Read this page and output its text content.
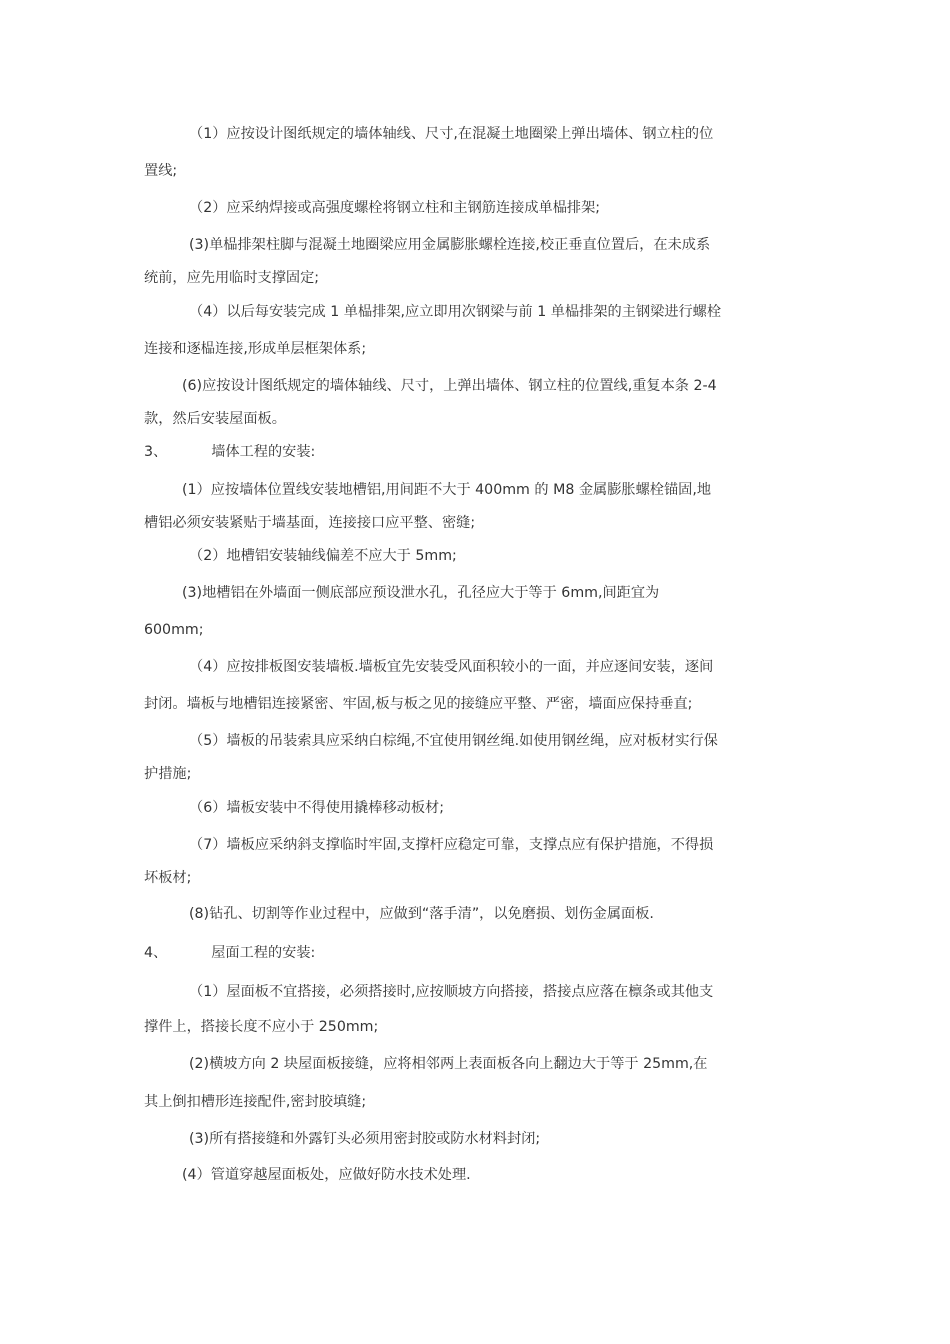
（1）应按设计图纸规定的墙体轴线、尺寸,在混凝土地圈梁上弹出墙体、钢立柱的位
置线;
（2）应采纳焊接或高强度螺栓将钢立柱和主钢筋连接成单榀排架;
(3)单榀排架柱脚与混凝土地圈梁应用金属膨胀螺栓连接,校正垂直位置后，在未成系
统前，应先用临时支撑固定;
（4）以后每安装完成 1 单榀排架,应立即用次钢梁与前 1 单榀排架的主钢梁进行螺栓
连接和逐榀连接,形成单层框架体系;
(6)应按设计图纸规定的墙体轴线、尺寸，上弹出墙体、钢立柱的位置线,重复本条 2-4
款，然后安装屋面板。
3、	墙体工程的安装:
(1）应按墙体位置线安装地槽铝,用间距不大于 400mm 的 M8 金属膨胀螺栓锚固,地
槽铝必须安装紧贴于墙基面，连接接口应平整、密缝;
（2）地槽铝安装轴线偏差不应大于 5mm;
(3)地槽铝在外墙面一侧底部应预设泄水孔，孔径应大于等于 6mm,间距宜为
600mm;
（4）应按排板图安装墙板.墙板宜先安装受风面积较小的一面，并应逐间安装，逐间
封闭。墙板与地槽铝连接紧密、牢固,板与板之见的接缝应平整、严密，墙面应保持垂直;
（5）墙板的吊装索具应采纳白棕绳,不宜使用钢丝绳.如使用钢丝绳，应对板材实行保
护措施;
（6）墙板安装中不得使用撬棒移动板材;
（7）墙板应采纳斜支撑临时牢固,支撑杆应稳定可靠，支撑点应有保护措施，不得损
坏板材;
(8)钻孔、切割等作业过程中，应做到“落手清”，以免磨损、划伤金属面板.
4、	屋面工程的安装:
（1）屋面板不宜搭接，必须搭接时,应按顺坡方向搭接，搭接点应落在檩条或其他支
撑件上，搭接长度不应小于 250mm;
(2)横坡方向 2 块屋面板接缝，应将相邻两上表面板各向上翻边大于等于 25mm,在
其上倒扣槽形连接配件,密封胶填缝;
(3)所有搭接缝和外露钉头必须用密封胶或防水材料封闭;
(4）管道穿越屋面板处，应做好防水技术处理.
